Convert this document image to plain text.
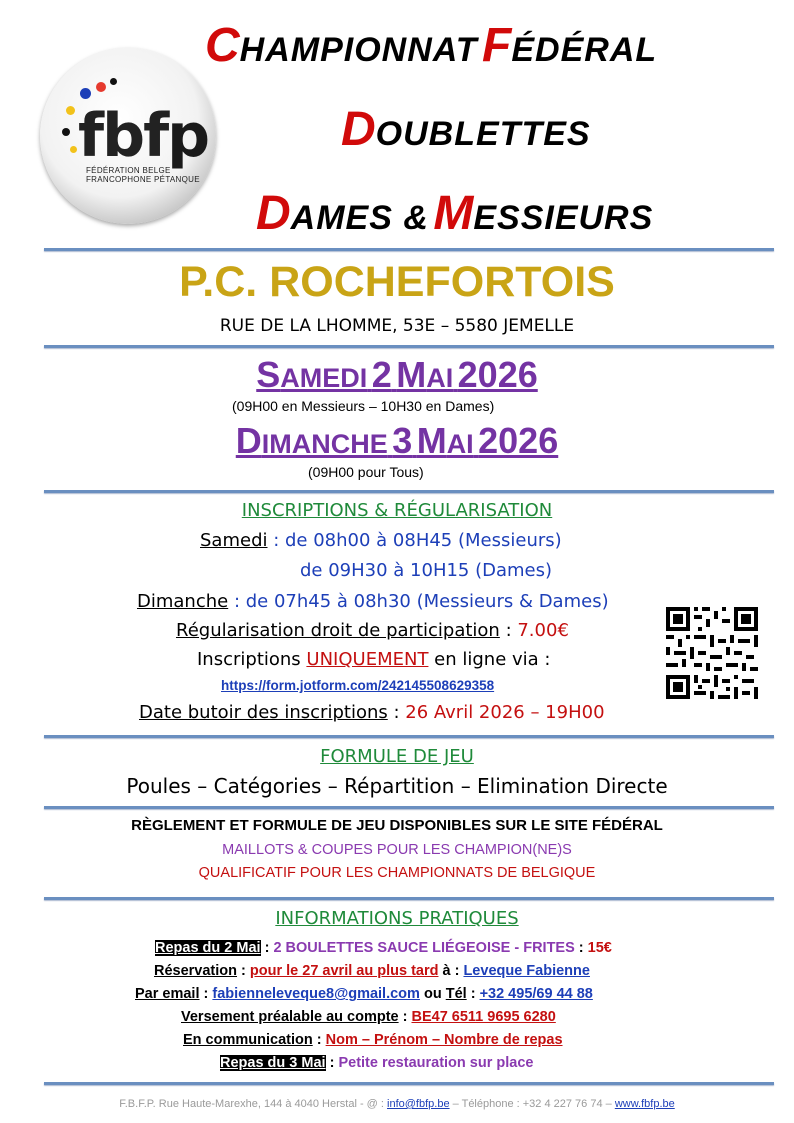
fbfp
FÉDÉRATION BELGE
FRANCOPHONE PÉTANQUE
CHAMPIONNAT FÉDÉRAL
DOUBLETTES
DAMES & MESSIEURS
P.C. ROCHEFORTOIS
RUE DE LA LHOMME, 53E – 5580 JEMELLE
SAMEDI 2 MAI 2026
(09H00 en Messieurs – 10H30 en Dames)
DIMANCHE 3 MAI 2026
(09H00 pour Tous)
INSCRIPTIONS & RÉGULARISATION
Samedi : de 08h00 à 08H45 (Messieurs)
de 09H30 à 10H15 (Dames)
Dimanche : de 07h45 à 08h30 (Messieurs & Dames)
Régularisation droit de participation : 7.00€
Inscriptions UNIQUEMENT en ligne via :
https://form.jotform.com/242145508629358
Date butoir des inscriptions : 26 Avril 2026 – 19H00
FORMULE DE JEU
Poules – Catégories – Répartition – Elimination Directe
RÈGLEMENT ET FORMULE DE JEU DISPONIBLES SUR LE SITE FÉDÉRAL
MAILLOTS & COUPES POUR LES CHAMPION(NE)S
QUALIFICATIF POUR LES CHAMPIONNATS DE BELGIQUE
INFORMATIONS PRATIQUES
Repas du 2 Mai : 2 BOULETTES SAUCE LIÉGEOISE - FRITES : 15€
Réservation : pour le 27 avril au plus tard à : Leveque Fabienne
Par email : fabienneleveque8@gmail.com ou Tél : +32 495/69 44 88
Versement préalable au compte : BE47 6511 9695 6280
En communication : Nom – Prénom – Nombre de repas
Repas du 3 Mai : Petite restauration sur place
F.B.F.P. Rue Haute-Marexhe, 144 à 4040 Herstal - @ : info@fbfp.be – Téléphone : +32 4 227 76 74 – www.fbfp.be
